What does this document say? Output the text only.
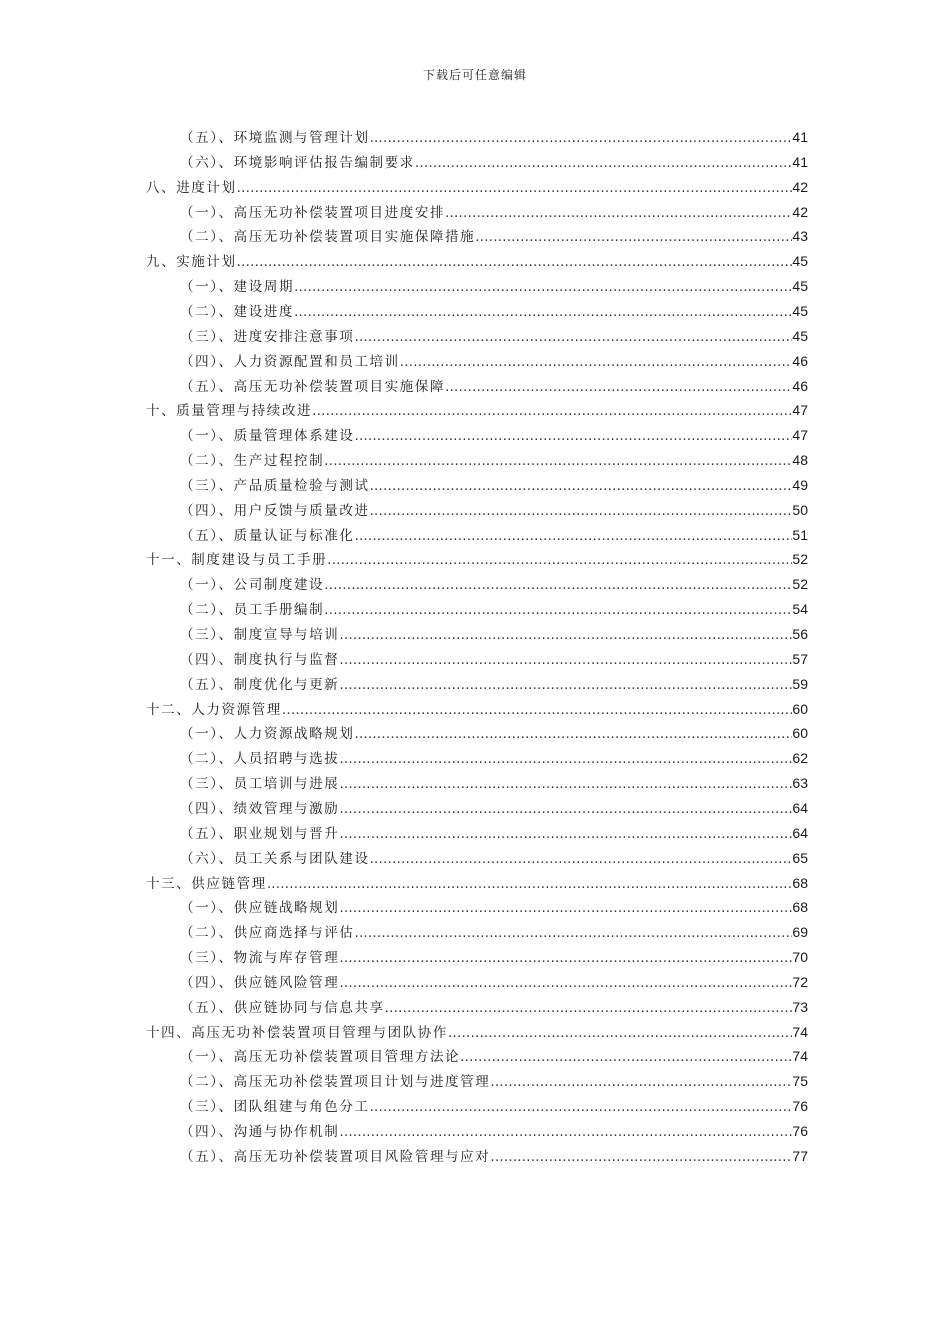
下载后可任意编辑
（五）、环境监测与管理计划 .....	41
（六）、环境影响评估报告编制要求 .....	41
八、进度计划 .....	42
（一）、高压无功补偿装置项目进度安排 .....	42
（二）、高压无功补偿装置项目实施保障措施 .....	43
九、实施计划 .....	45
（一）、建设周期 .....	45
（二）、建设进度 .....	45
（三）、进度安排注意事项 .....	45
（四）、人力资源配置和员工培训 .....	46
（五）、高压无功补偿装置项目实施保障 .....	46
十、质量管理与持续改进 .....	47
（一）、质量管理体系建设 .....	47
（二）、生产过程控制 .....	48
（三）、产品质量检验与测试 .....	49
（四）、用户反馈与质量改进 .....	50
（五）、质量认证与标准化 .....	51
十一、制度建设与员工手册 .....	52
（一）、公司制度建设 .....	52
（二）、员工手册编制 .....	54
（三）、制度宣导与培训 .....	56
（四）、制度执行与监督 .....	57
（五）、制度优化与更新 .....	59
十二、人力资源管理 .....	60
（一）、人力资源战略规划 .....	60
（二）、人员招聘与选拔 .....	62
（三）、员工培训与进展 .....	63
（四）、绩效管理与激励 .....	64
（五）、职业规划与晋升 .....	64
（六）、员工关系与团队建设 .....	65
十三、供应链管理 .....	68
（一）、供应链战略规划 .....	68
（二）、供应商选择与评估 .....	69
（三）、物流与库存管理 .....	70
（四）、供应链风险管理 .....	72
（五）、供应链协同与信息共享 .....	73
十四、高压无功补偿装置项目管理与团队协作 .....	74
（一）、高压无功补偿装置项目管理方法论 .....	74
（二）、高压无功补偿装置项目计划与进度管理 .....	75
（三）、团队组建与角色分工 .....	76
（四）、沟通与协作机制 .....	76
（五）、高压无功补偿装置项目风险管理与应对 .....	77
